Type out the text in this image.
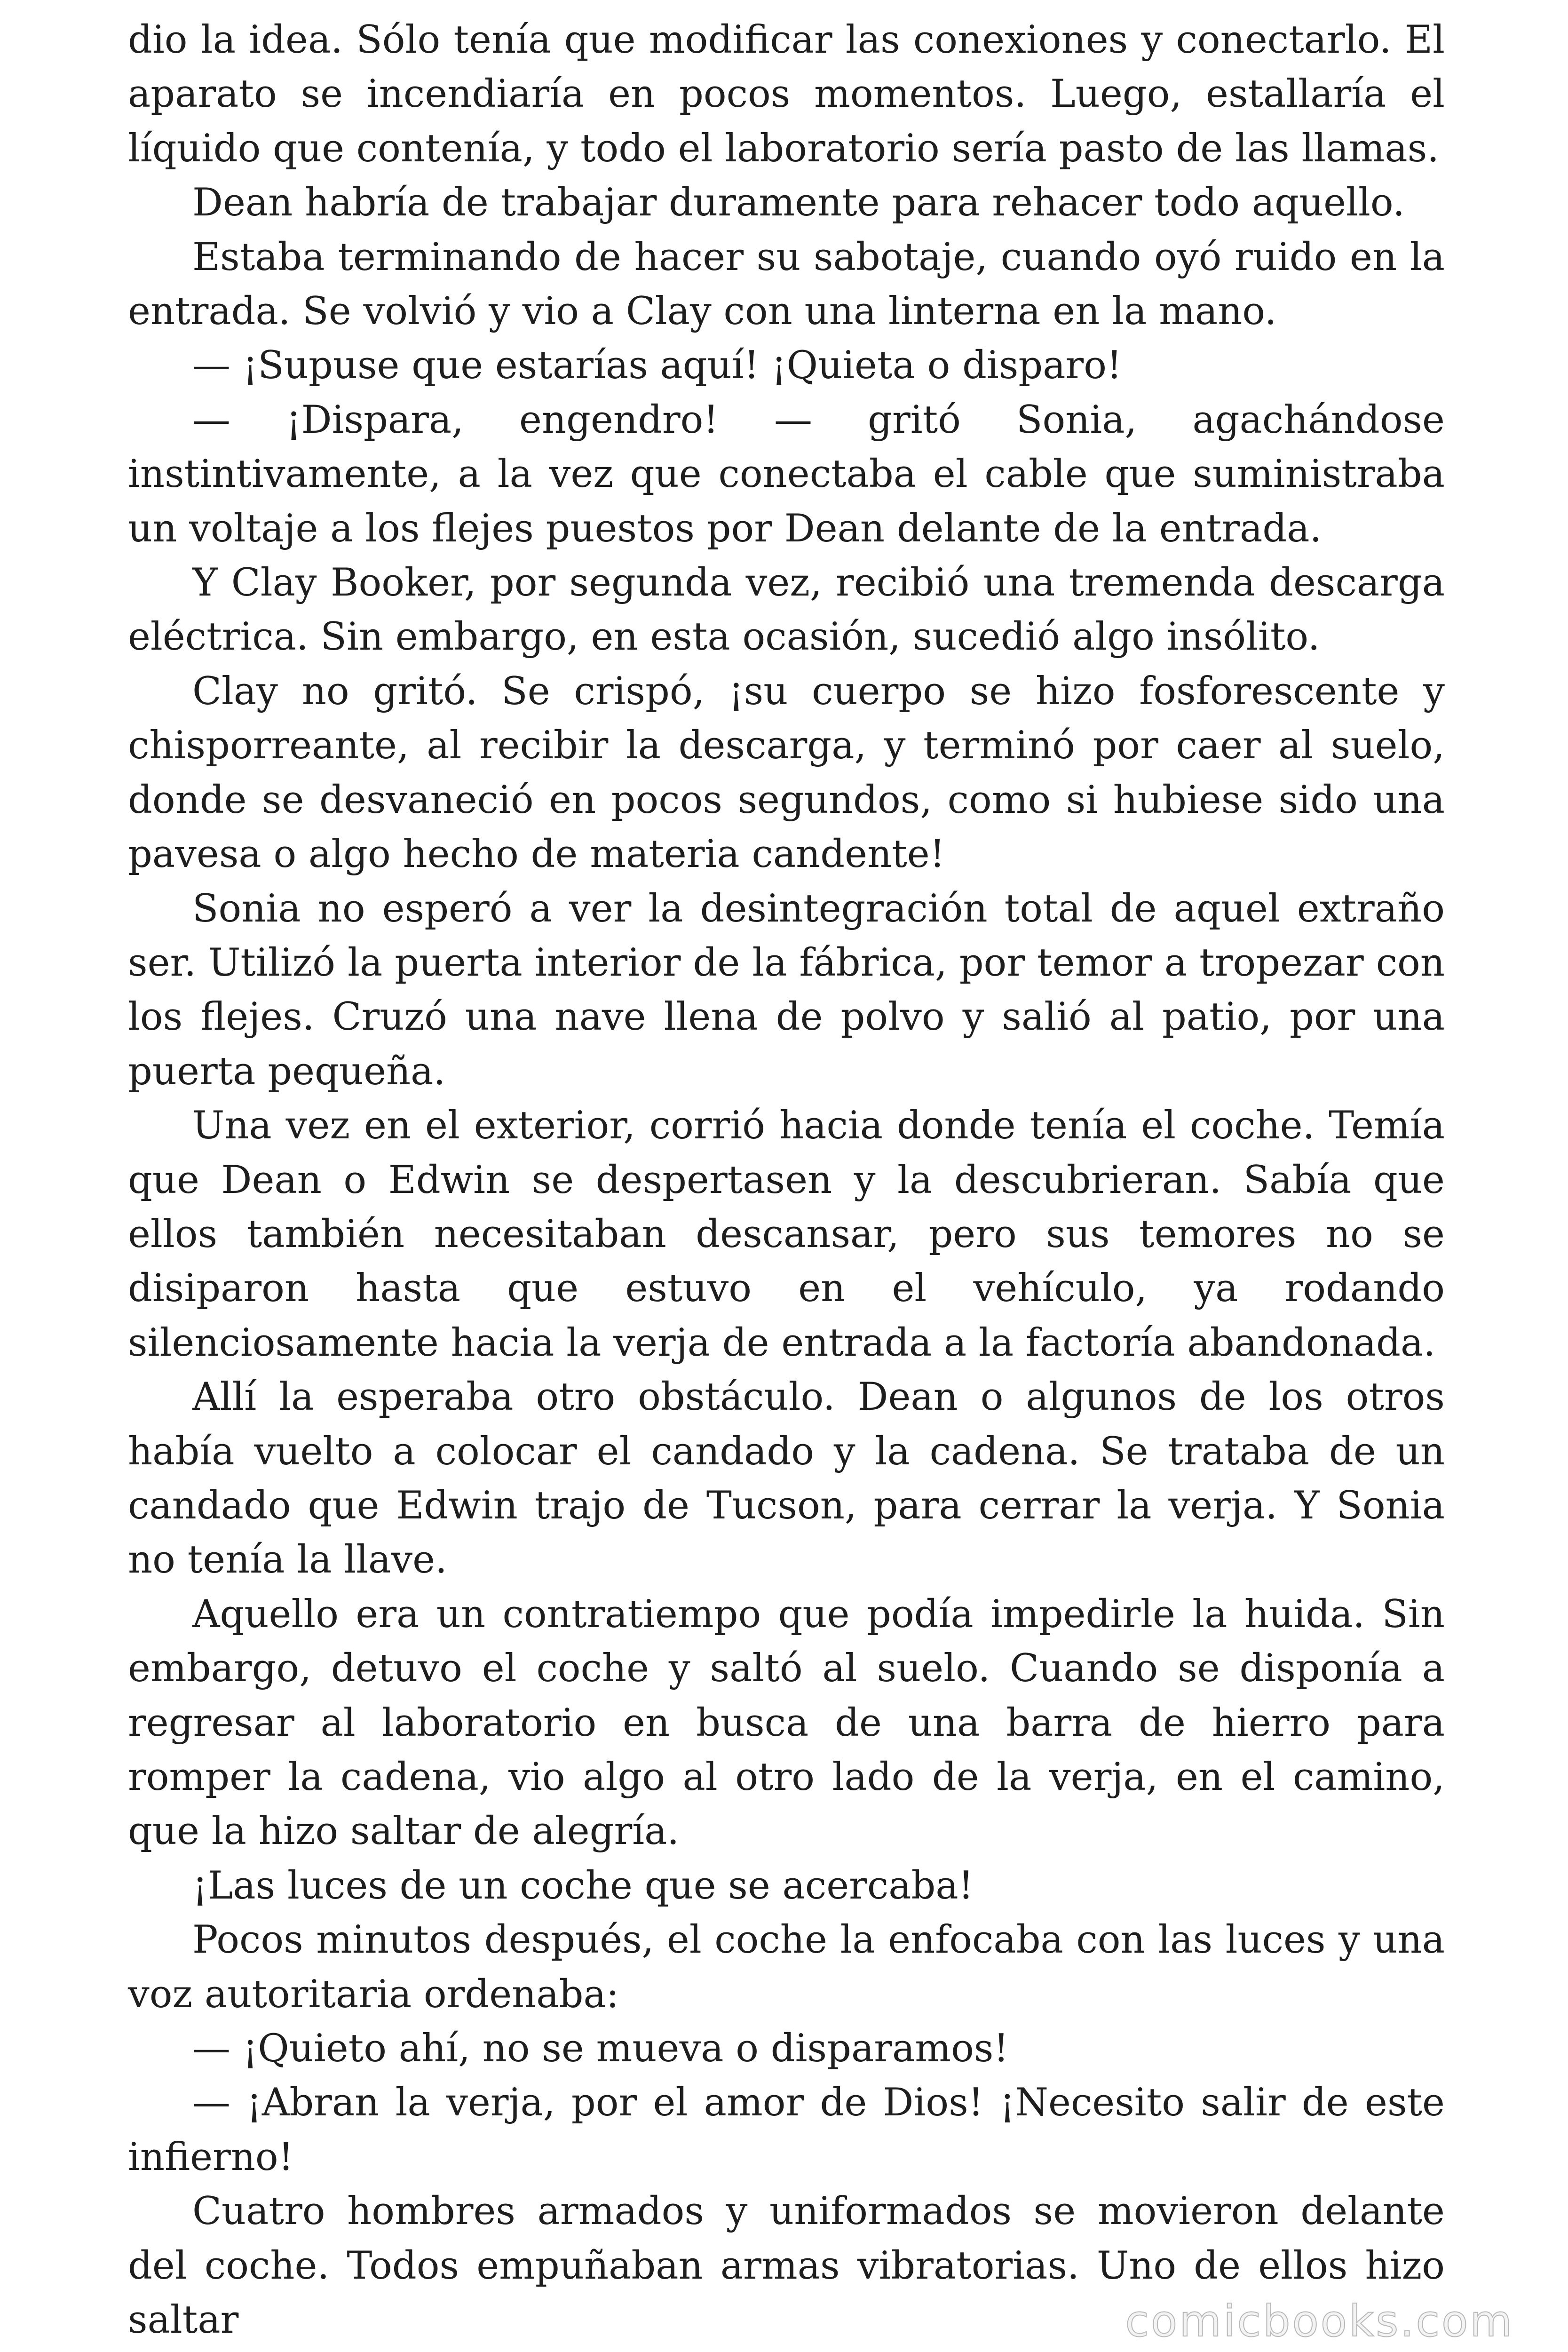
dio la idea. Sólo tenía que modificar las conexiones y conectarlo. El aparato se incendiaría en pocos momentos. Luego, estallaría el líquido que contenía, y todo el laboratorio sería pasto de las llamas.

Dean habría de trabajar duramente para rehacer todo aquello.

Estaba terminando de hacer su sabotaje, cuando oyó ruido en la entrada. Se volvió y vio a Clay con una linterna en la mano.

— ¡Supuse que estarías aquí! ¡Quieta o disparo!

— ¡Dispara, engendro! — gritó Sonia, agachándose instintivamente, a la vez que conectaba el cable que suministraba un voltaje a los flejes puestos por Dean delante de la entrada.

Y Clay Booker, por segunda vez, recibió una tremenda descarga eléctrica. Sin embargo, en esta ocasión, sucedió algo insólito.

Clay no gritó. Se crispó, ¡su cuerpo se hizo fosforescente y chisporreante, al recibir la descarga, y terminó por caer al suelo, donde se desvaneció en pocos segundos, como si hubiese sido una pavesa o algo hecho de materia candente!

Sonia no esperó a ver la desintegración total de aquel extraño ser. Utilizó la puerta interior de la fábrica, por temor a tropezar con los flejes. Cruzó una nave llena de polvo y salió al patio, por una puerta pequeña.

Una vez en el exterior, corrió hacia donde tenía el coche. Temía que Dean o Edwin se despertasen y la descubrieran. Sabía que ellos también necesitaban descansar, pero sus temores no se disiparon hasta que estuvo en el vehículo, ya rodando silenciosamente hacia la verja de entrada a la factoría abandonada.

Allí la esperaba otro obstáculo. Dean o algunos de los otros había vuelto a colocar el candado y la cadena. Se trataba de un candado que Edwin trajo de Tucson, para cerrar la verja. Y Sonia no tenía la llave.

Aquello era un contratiempo que podía impedirle la huida. Sin embargo, detuvo el coche y saltó al suelo. Cuando se disponía a regresar al laboratorio en busca de una barra de hierro para romper la cadena, vio algo al otro lado de la verja, en el camino, que la hizo saltar de alegría.

¡Las luces de un coche que se acercaba!

Pocos minutos después, el coche la enfocaba con las luces y una voz autoritaria ordenaba:

— ¡Quieto ahí, no se mueva o disparamos!

— ¡Abran la verja, por el amor de Dios! ¡Necesito salir de este infierno!

Cuatro hombres armados y uniformados se movieron delante del coche. Todos empuñaban armas vibratorias. Uno de ellos hizo saltar	comicbooks.com
